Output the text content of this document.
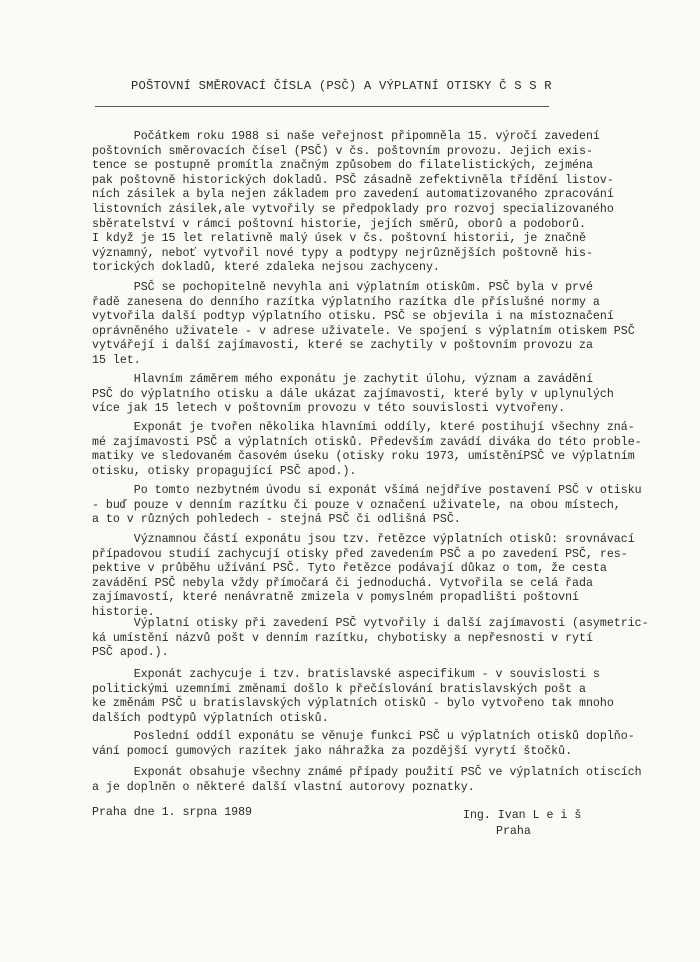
POŠTOVNÍ SMĚROVACÍ ČÍSLA (PSČ) A VÝPLATNÍ OTISKY Č S S R
Počátkem roku 1988 si naše veřejnost připomněla 15. výročí zavedení
poštovních směrovacích čísel (PSČ) v čs. poštovním provozu. Jejich exis-
tence se postupně promítla značným způsobem do filatelistických, zejména
pak poštovně historických dokladů. PSČ zásadně zefektivněla třídění listov-
ních zásilek a byla nejen základem pro zavedení automatizovaného zpracování
listovních zásilek,ale vytvořily se předpoklady pro rozvoj specializovaného
sběratelství v rámci poštovní historie, jejích směrů, oborů a podoborů.
I když je 15 let relativně malý úsek v čs. poštovní historii, je značně
významný, neboť vytvořil nové typy a podtypy nejrůznějších poštovně his-
torických dokladů, které zdaleka nejsou zachyceny.
PSČ se pochopitelně nevyhla ani výplatním otiskům. PSČ byla v prvé
řadě zanesena do denního razítka výplatního razítka dle příslušné normy a
vytvořila další podtyp výplatního otisku. PSČ se objevila i na místoznačení
oprávněného uživatele - v adrese uživatele. Ve spojení s výplatním otiskem PSČ
vytvářejí i další zajímavosti, které se zachytily v poštovním provozu za
15 let.
Hlavním záměrem mého exponátu je zachytit úlohu, význam a zavádění
PSČ do výplatního otisku a dále ukázat zajímavosti, které byly v uplynulých
více jak 15 letech v poštovním provozu v této souvislosti vytvořeny.
Exponát je tvořen několika hlavními oddíly, které postihují všechny zná-
mé zajímavosti PSČ a výplatních otisků. Především zavádí diváka do této proble-
matiky ve sledovaném časovém úseku (otisky roku 1973, umístěníPSČ ve výplatním
otisku, otisky propagující PSČ apod.).
Po tomto nezbytném úvodu si exponát všímá nejdříve postavení PSČ v otisku
- buď pouze v denním razítku či pouze v označení uživatele, na obou místech,
a to v různých pohledech - stejná PSČ či odlišná PSČ.
Významnou částí exponátu jsou tzv. řetězce výplatních otisků: srovnávací
případovou studií zachycují otisky před zavedením PSČ a po zavedení PSČ, res-
pektive v průběhu užívání PSČ. Tyto řetězce podávají důkaz o tom, že cesta
zavádění PSČ nebyla vždy přímočará či jednoduchá. Vytvořila se celá řada
zajímavostí, které nenávratně zmizela v pomyslném propadlišti poštovní
historie.
Výplatní otisky při zavedení PSČ vytvořily i další zajímavosti (asymetric-
ká umístění názvů pošt v denním razítku, chybotisky a nepřesnosti v rytí
PSČ apod.).
Exponát zachycuje i tzv. bratislavské aspecifikum - v souvislosti s
politickými uzemními změnami došlo k přečíslování bratislavských pošt a
ke změnám PSČ u bratislavských výplatních otisků - bylo vytvořeno tak mnoho
dalších podtypů výplatních otisků.
Poslední oddíl exponátu se věnuje funkci PSČ u výplatních otisků doplňo-
vání pomocí gumových razítek jako náhražka za pozdější vyrytí štočků.
Exponát obsahuje všechny známé případy použití PSČ ve výplatních otiscích
a je doplněn o některé další vlastní autorovy poznatky.
Praha dne 1. srpna 1989	Ing. Ivan L e i š
Praha
